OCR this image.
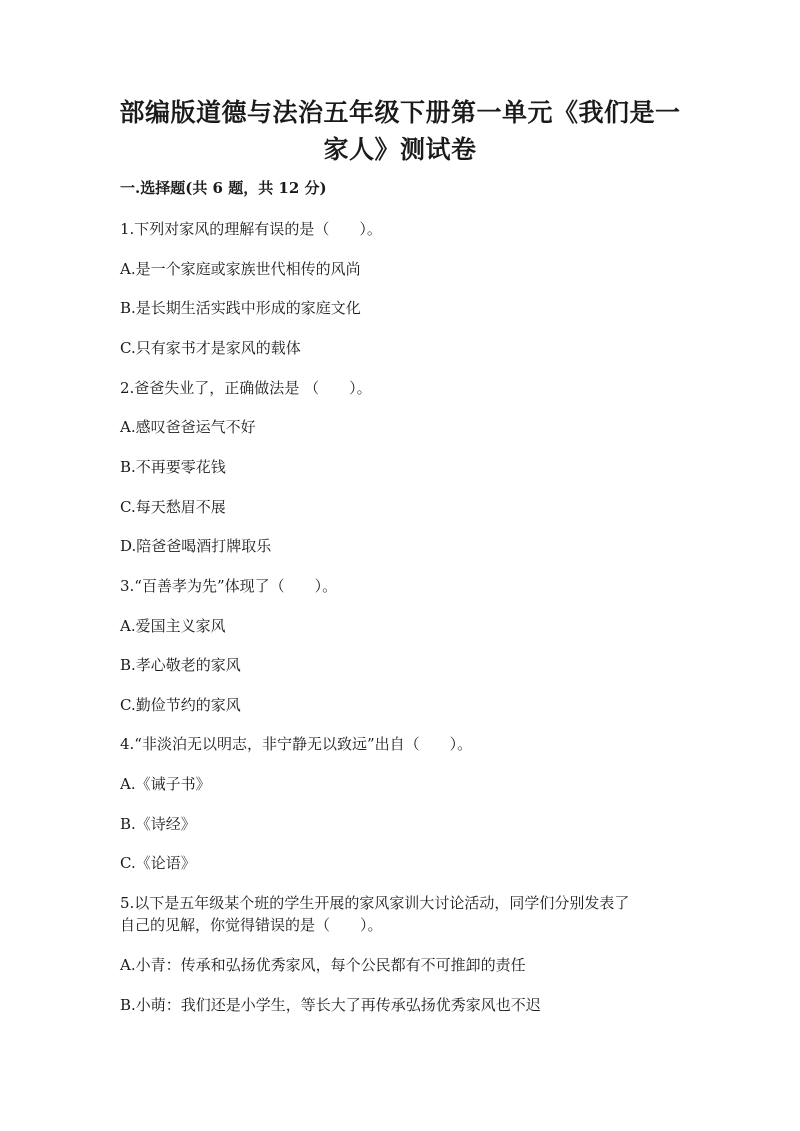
部编版道德与法治五年级下册第一单元《我们是一
家人》测试卷
一.选择题(共 6 题，共 12 分)
1.下列对家风的理解有误的是（　　）。
A.是一个家庭或家族世代相传的风尚
B.是长期生活实践中形成的家庭文化
C.只有家书才是家风的载体
2.爸爸失业了，正确做法是 （　　）。
A.感叹爸爸运气不好
B.不再要零花钱
C.每天愁眉不展
D.陪爸爸喝酒打牌取乐
3.“百善孝为先”体现了（　　）。
A.爱国主义家风
B.孝心敬老的家风
C.勤俭节约的家风
4.“非淡泊无以明志，非宁静无以致远”出自（　　）。
A.《诫子书》
B.《诗经》
C.《论语》
5.以下是五年级某个班的学生开展的家风家训大讨论活动，同学们分别发表了
自己的见解，你觉得错误的是（　　）。
A.小青：传承和弘扬优秀家风，每个公民都有不可推卸的责任
B.小萌：我们还是小学生，等长大了再传承弘扬优秀家风也不迟
